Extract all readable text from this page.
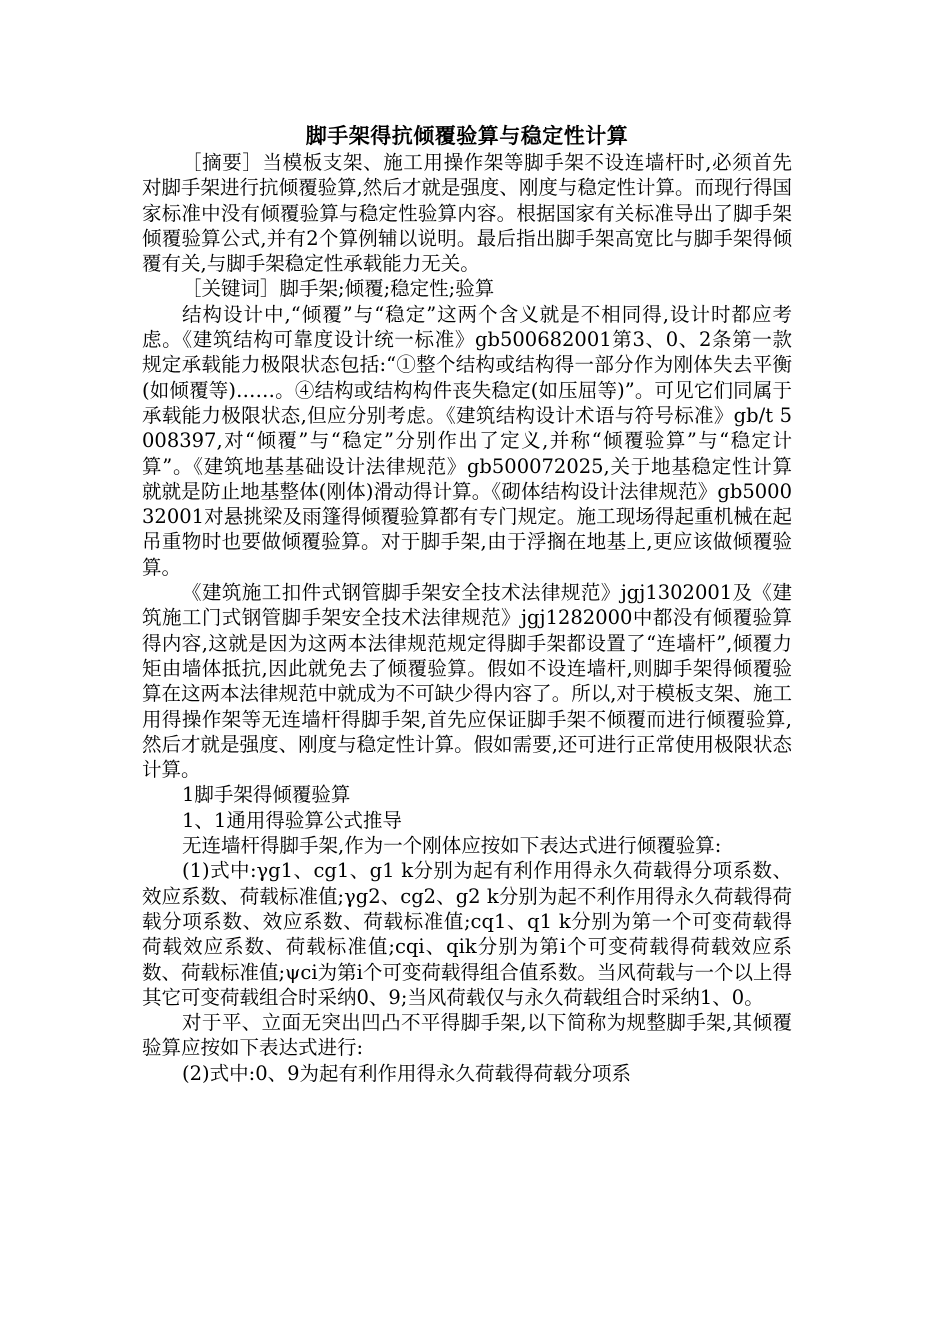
脚手架得抗倾覆验算与稳定性计算

［摘要］当模板支架、施工用操作架等脚手架不设连墙杆时,必须首先对脚手架进行抗倾覆验算,然后才就是强度、刚度与稳定性计算。而现行得国家标准中没有倾覆验算与稳定性验算内容。根据国家有关标准导出了脚手架倾覆验算公式,并有2个算例辅以说明。最后指出脚手架高宽比与脚手架得倾覆有关,与脚手架稳定性承载能力无关。

［关键词］脚手架;倾覆;稳定性;验算

结构设计中,“倾覆”与“稳定”这两个含义就是不相同得,设计时都应考虑。《建筑结构可靠度设计统一标准》gb500682001第3、0、2条第一款规定承载能力极限状态包括:“①整个结构或结构得一部分作为刚体失去平衡(如倾覆等)……。④结构或结构构件丧失稳定(如压屈等)”。可见它们同属于承载能力极限状态,但应分别考虑。《建筑结构设计术语与符号标准》gb/t 5008397,对“倾覆”与“稳定”分别作出了定义,并称“倾覆验算”与“稳定计算”。《建筑地基基础设计法律规范》gb500072025,关于地基稳定性计算就就是防止地基整体(刚体)滑动得计算。《砌体结构设计法律规范》gb500032001对悬挑梁及雨篷得倾覆验算都有专门规定。施工现场得起重机械在起吊重物时也要做倾覆验算。对于脚手架,由于浮搁在地基上,更应该做倾覆验算。

《建筑施工扣件式钢管脚手架安全技术法律规范》jgj1302001及《建筑施工门式钢管脚手架安全技术法律规范》jgj1282000中都没有倾覆验算得内容,这就是因为这两本法律规范规定得脚手架都设置了“连墙杆”,倾覆力矩由墙体抵抗,因此就免去了倾覆验算。假如不设连墙杆,则脚手架得倾覆验算在这两本法律规范中就成为不可缺少得内容了。所以,对于模板支架、施工用得操作架等无连墙杆得脚手架,首先应保证脚手架不倾覆而进行倾覆验算,然后才就是强度、刚度与稳定性计算。假如需要,还可进行正常使用极限状态计算。

1脚手架得倾覆验算

1、1通用得验算公式推导

无连墙杆得脚手架,作为一个刚体应按如下表达式进行倾覆验算:

(1)式中:γg1、cg1、g1 k分别为起有利作用得永久荷载得分项系数、效应系数、荷载标准值;γg2、cg2、g2 k分别为起不利作用得永久荷载得荷载分项系数、效应系数、荷载标准值;cq1、q1 k分别为第一个可变荷载得荷载效应系数、荷载标准值;cqi、qik分别为第i个可变荷载得荷载效应系数、荷载标准值;ψci为第i个可变荷载得组合值系数。当风荷载与一个以上得其它可变荷载组合时采纳0、9;当风荷载仅与永久荷载组合时采纳1、0。

对于平、立面无突出凹凸不平得脚手架,以下简称为规整脚手架,其倾覆验算应按如下表达式进行:

(2)式中:0、9为起有利作用得永久荷载得荷载分项系
